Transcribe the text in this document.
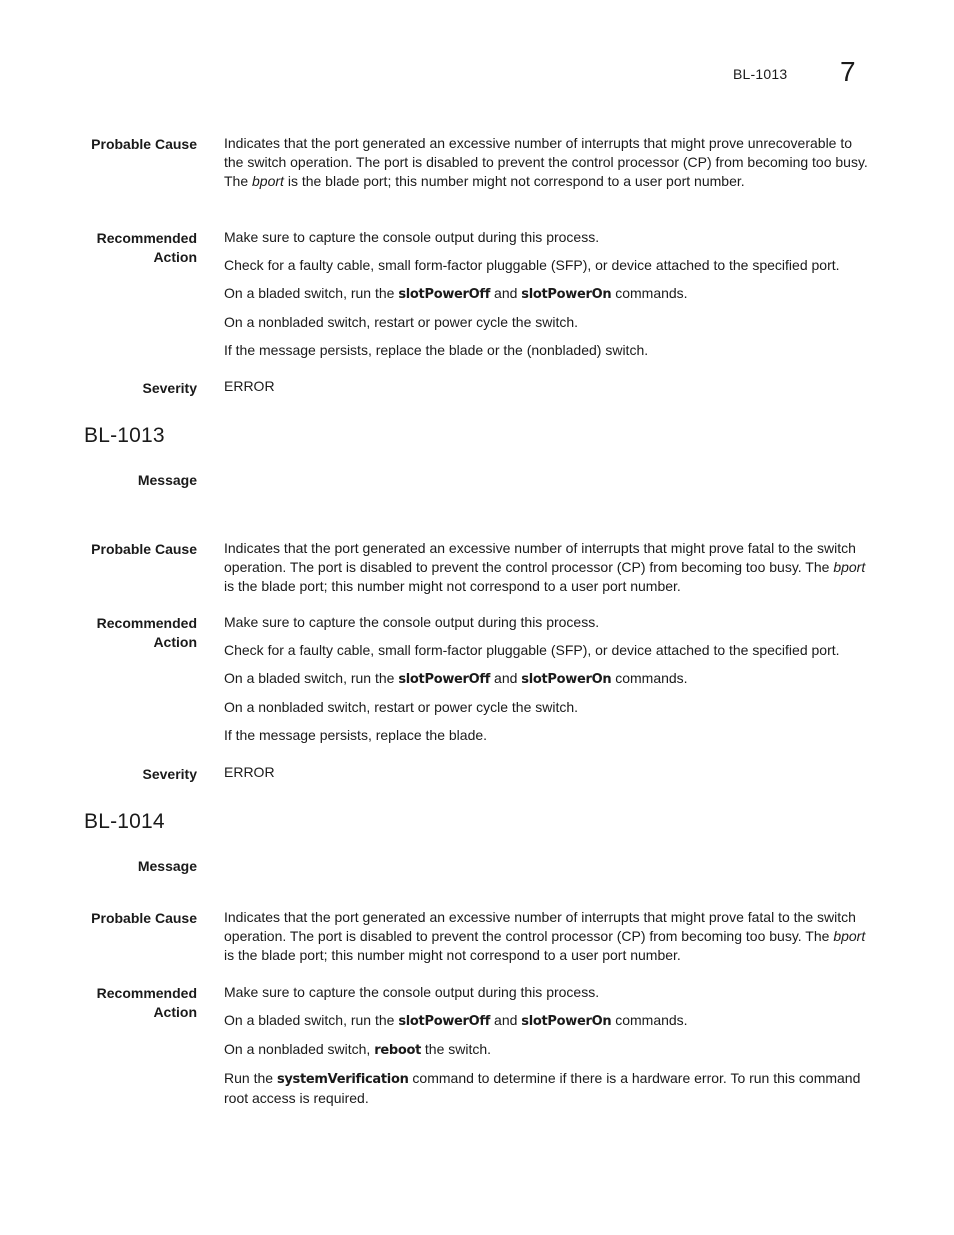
BL-1013 7
Probable Cause Indicates that the port generated an excessive number of interrupts that might prove unrecoverable to the switch operation. The port is disabled to prevent the control processor (CP) from becoming too busy. The bport is the blade port; this number might not correspond to a user port number.

Recommended
Action

Make sure to capture the console output during this process.

Check for a faulty cable, small form-factor pluggable (SFP), or device attached to the specified port.

On a bladed switch, run the slotPowerOff and slotPowerOn commands.

On a nonbladed switch, restart or power cycle the switch.

If the message persists, replace the blade or the (nonbladed) switch.

Severity ERROR
BL-1013
Message
Probable Cause Indicates that the port generated an excessive number of interrupts that might prove fatal to the switch operation. The port is disabled to prevent the control processor (CP) from becoming too busy. The bport is the blade port; this number might not correspond to a user port number.

Recommended
Action

Make sure to capture the console output during this process.

Check for a faulty cable, small form-factor pluggable (SFP), or device attached to the specified port.

On a bladed switch, run the slotPowerOff and slotPowerOn commands.

On a nonbladed switch, restart or power cycle the switch.

If the message persists, replace the blade.

Severity ERROR
BL-1014
Message
Probable Cause Indicates that the port generated an excessive number of interrupts that might prove fatal to the switch operation. The port is disabled to prevent the control processor (CP) from becoming too busy. The bport is the blade port; this number might not correspond to a user port number.

Recommended
Action

Make sure to capture the console output during this process.

On a bladed switch, run the slotPowerOff and slotPowerOn commands.

On a nonbladed switch, reboot the switch.

Run the systemVerification command to determine if there is a hardware error. To run this command root access is required.
